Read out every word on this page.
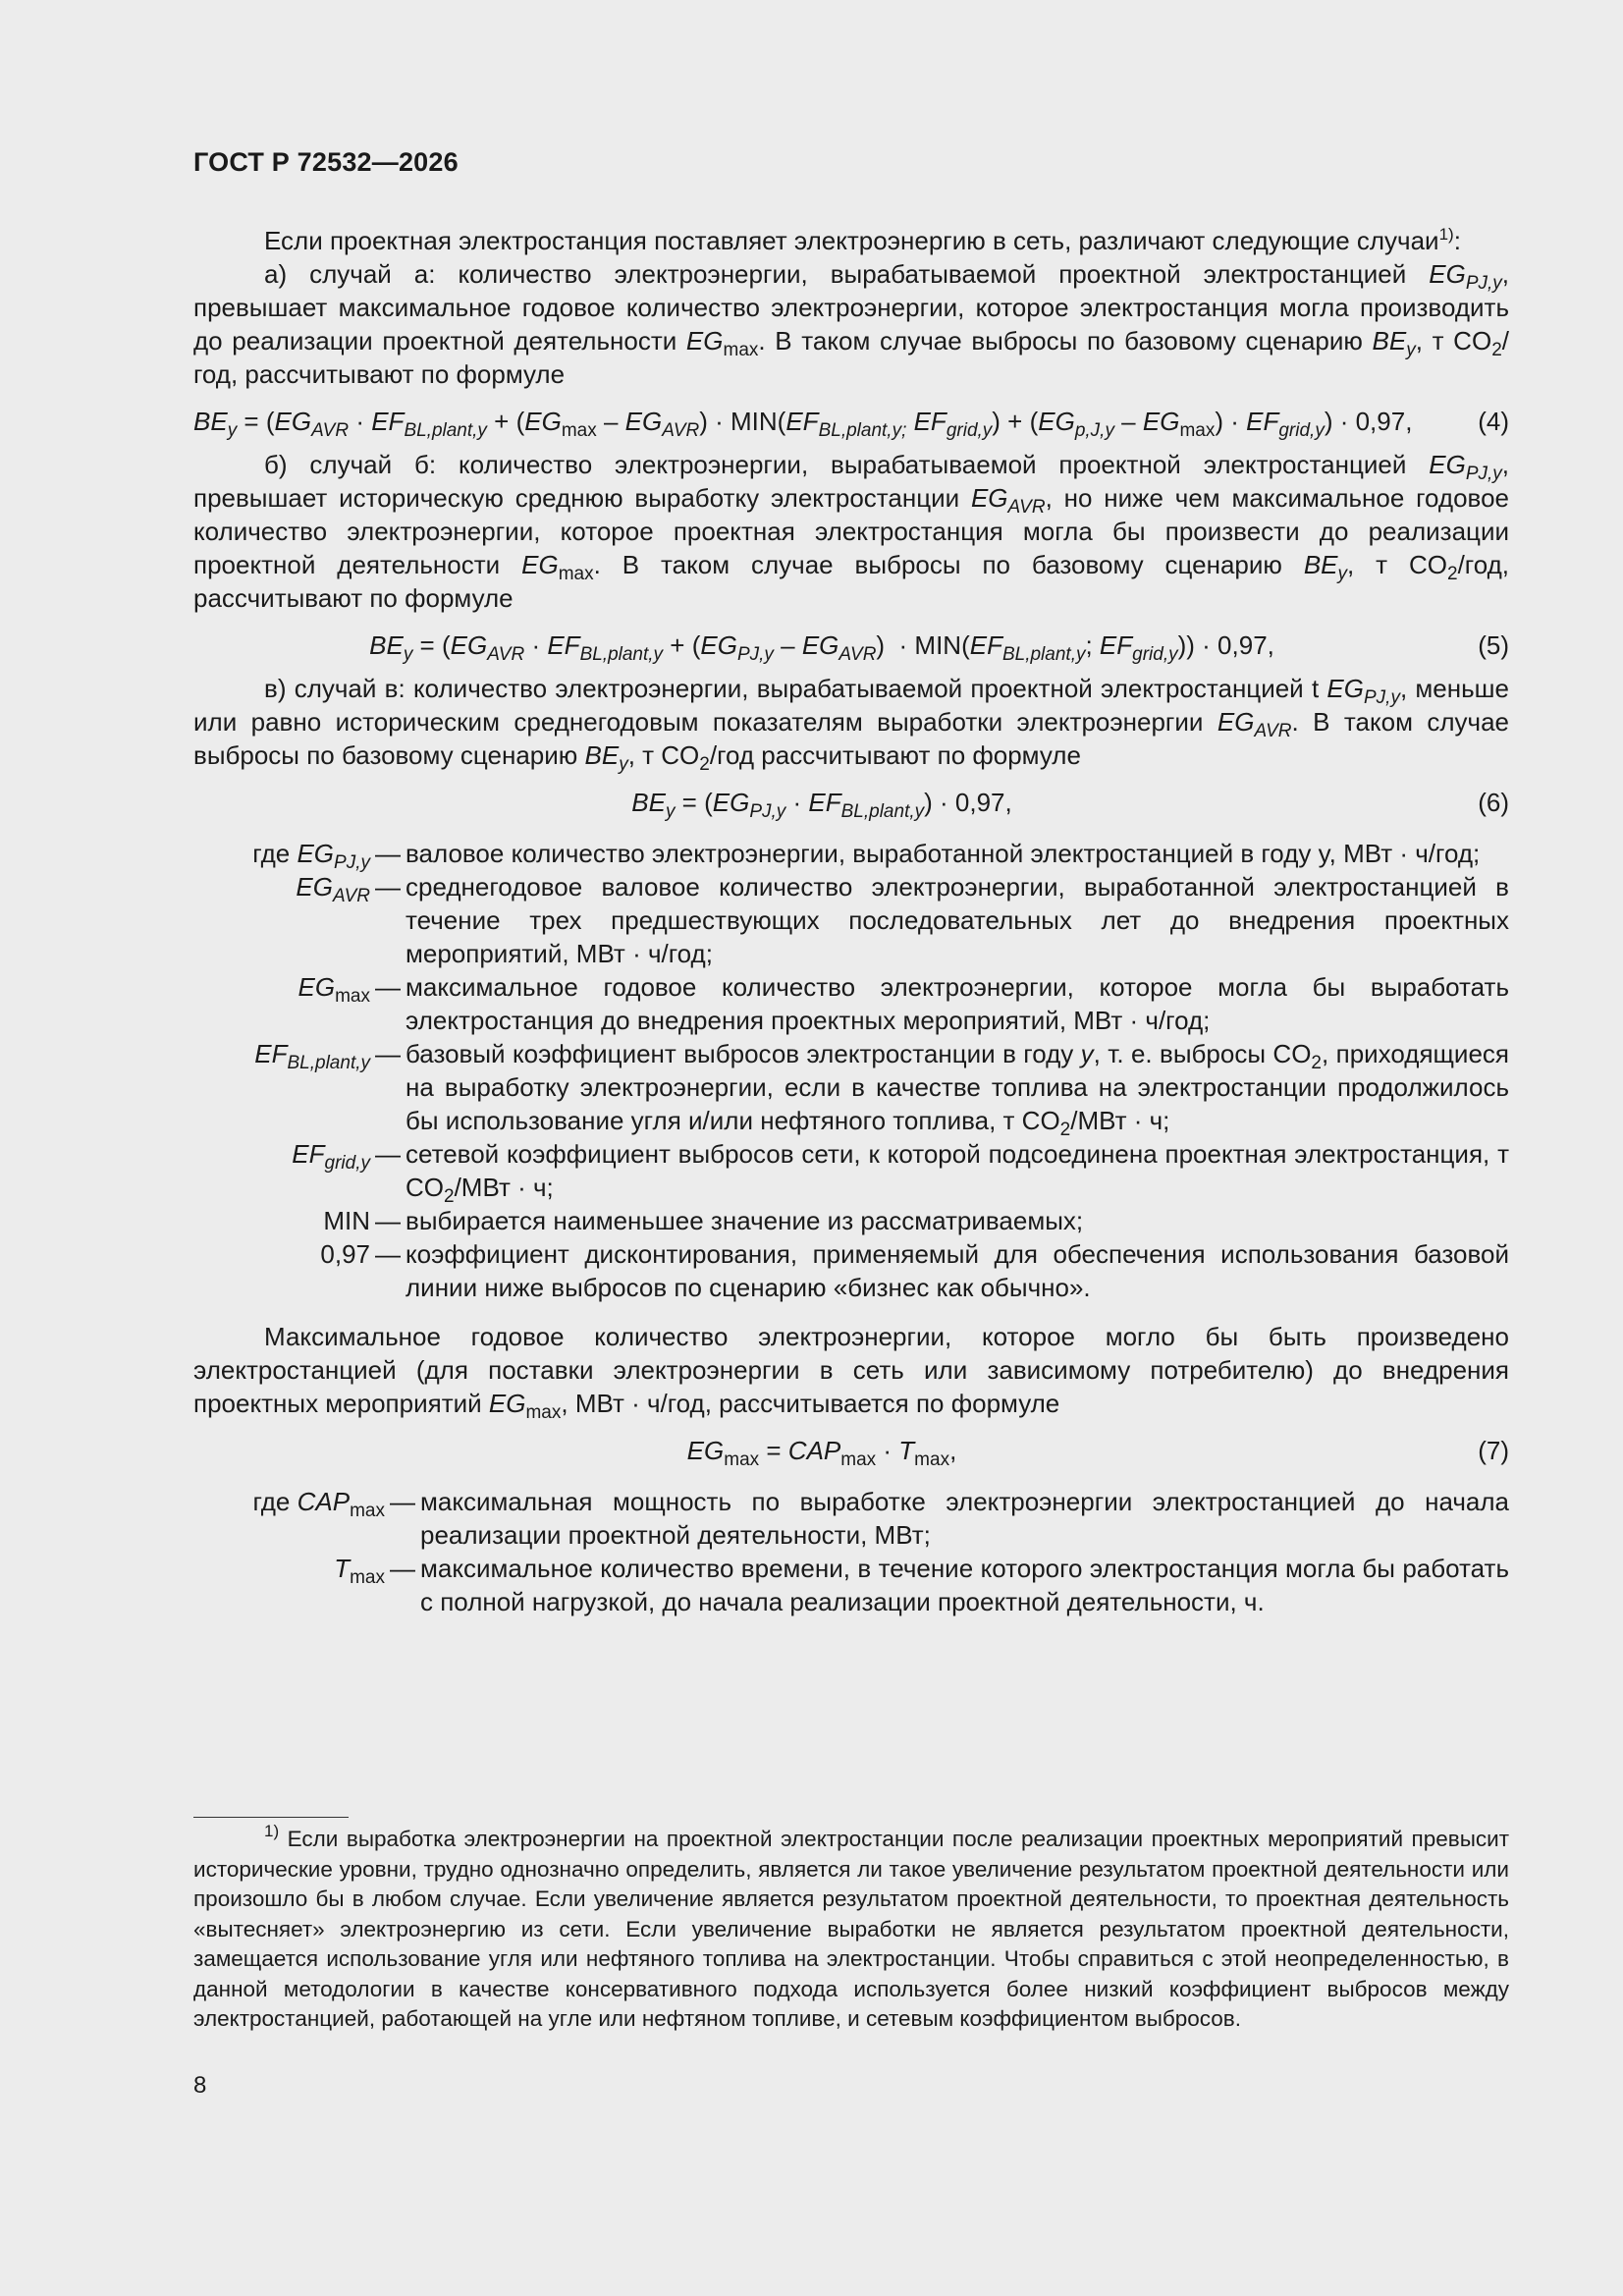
ГОСТ Р 72532—2026

Если проектная электростанция поставляет электроэнергию в сеть, различают следующие случаи$^{1)}$:

а) случай а: количество электроэнергии, вырабатываемой проектной электростанцией $EG_{PJ,y}$, превышает максимальное годовое количество электроэнергии, которое электростанция могла производить до реализации проектной деятельности $EG_{max}$. В таком случае выбросы по базовому сценарию $BE_y$, т $CO_2$/год, рассчитывают по формуле

$BE_y = (EG_{AVR} \cdot EF_{BL,plant,y} + (EG_{max} - EG_{AVR}) \cdot MIN(EF_{BL,plant,y;}$ $EF_{grid,y}) + (EG_{p,J,y} - EG_{max}) \cdot EF_{grid,y}) \cdot 0,97$,	(4)

б) случай б: количество электроэнергии, вырабатываемой проектной электростанцией $EG_{PJ,y}$, превышает историческую среднюю выработку электростанции $EG_{AVR}$, но ниже чем максимальное годовое количество электроэнергии, которое проектная электростанция могла бы произвести до реализации проектной деятельности $EG_{max}$. В таком случае выбросы по базовому сценарию $BE_y$, т $CO_2$/год, рассчитывают по формуле

$BE_y = (EG_{AVR} \cdot EF_{BL,plant,y} + (EG_{PJ,y} - EG_{AVR}) \cdot MIN(EF_{BL,plant,y}$; $EF_{grid,y})) \cdot 0,97$,	(5)

в) случай в: количество электроэнергии, вырабатываемой проектной электростанцией t $EG_{PJ,y}$, меньше или равно историческим среднегодовым показателям выработки электроэнергии $EG_{AVR}$. В таком случае выбросы по базовому сценарию $BE_y$, т $CO_2$/год рассчитывают по формуле

$BE_y = (EG_{PJ,y} \cdot EF_{BL,plant,y}) \cdot 0,97$,	(6)
где $EG_{PJ,y}$ — валовое количество электроэнергии, выработанной электростанцией в году y, МВт · ч/год;
$EG_{AVR}$ — среднегодовое валовое количество электроэнергии, выработанной электростанцией в течение трех предшествующих последовательных лет до внедрения проектных мероприятий, МВт · ч/год;
$EG_{max}$ — максимальное годовое количество электроэнергии, которое могла бы выработать электростанция до внедрения проектных мероприятий, МВт · ч/год;
$EF_{BL,plant,y}$ — базовый коэффициент выбросов электростанции в году y, т. е. выбросы $CO_2$, приходящиеся на выработку электроэнергии, если в качестве топлива на электростанции продолжилось бы использование угля и/или нефтяного топлива, т $CO_2$/МВт · ч;
$EF_{grid,y}$ — сетевой коэффициент выбросов сети, к которой подсоединена проектная электростанция, т $CO_2$/МВт · ч;
MIN — выбирается наименьшее значение из рассматриваемых;
0,97 — коэффициент дисконтирования, применяемый для обеспечения использования базовой линии ниже выбросов по сценарию «бизнес как обычно».

Максимальное годовое количество электроэнергии, которое могло бы быть произведено электростанцией (для поставки электроэнергии в сеть или зависимому потребителю) до внедрения проектных мероприятий $EG_{max}$, МВт · ч/год, рассчитывается по формуле

$EG_{max} = CAP_{max} \cdot T_{max}$,	(7)
где $CAP_{max}$ — максимальная мощность по выработке электроэнергии электростанцией до начала реализации проектной деятельности, МВт;
$T_{max}$ — максимальное количество времени, в течение которого электростанция могла бы работать с полной нагрузкой, до начала реализации проектной деятельности, ч.
$^{1)}$ Если выработка электроэнергии на проектной электростанции после реализации проектных мероприятий превысит исторические уровни, трудно однозначно определить, является ли такое увеличение результатом проектной деятельности или произошло бы в любом случае. Если увеличение является результатом проектной деятельности, то проектная деятельность «вытесняет» электроэнергию из сети. Если увеличение выработки не является результатом проектной деятельности, замещается использование угля или нефтяного топлива на электростанции. Чтобы справиться с этой неопределенностью, в данной методологии в качестве консервативного подхода используется более низкий коэффициент выбросов между электростанцией, работающей на угле или нефтяном топливе, и сетевым коэффициентом выбросов.
8
